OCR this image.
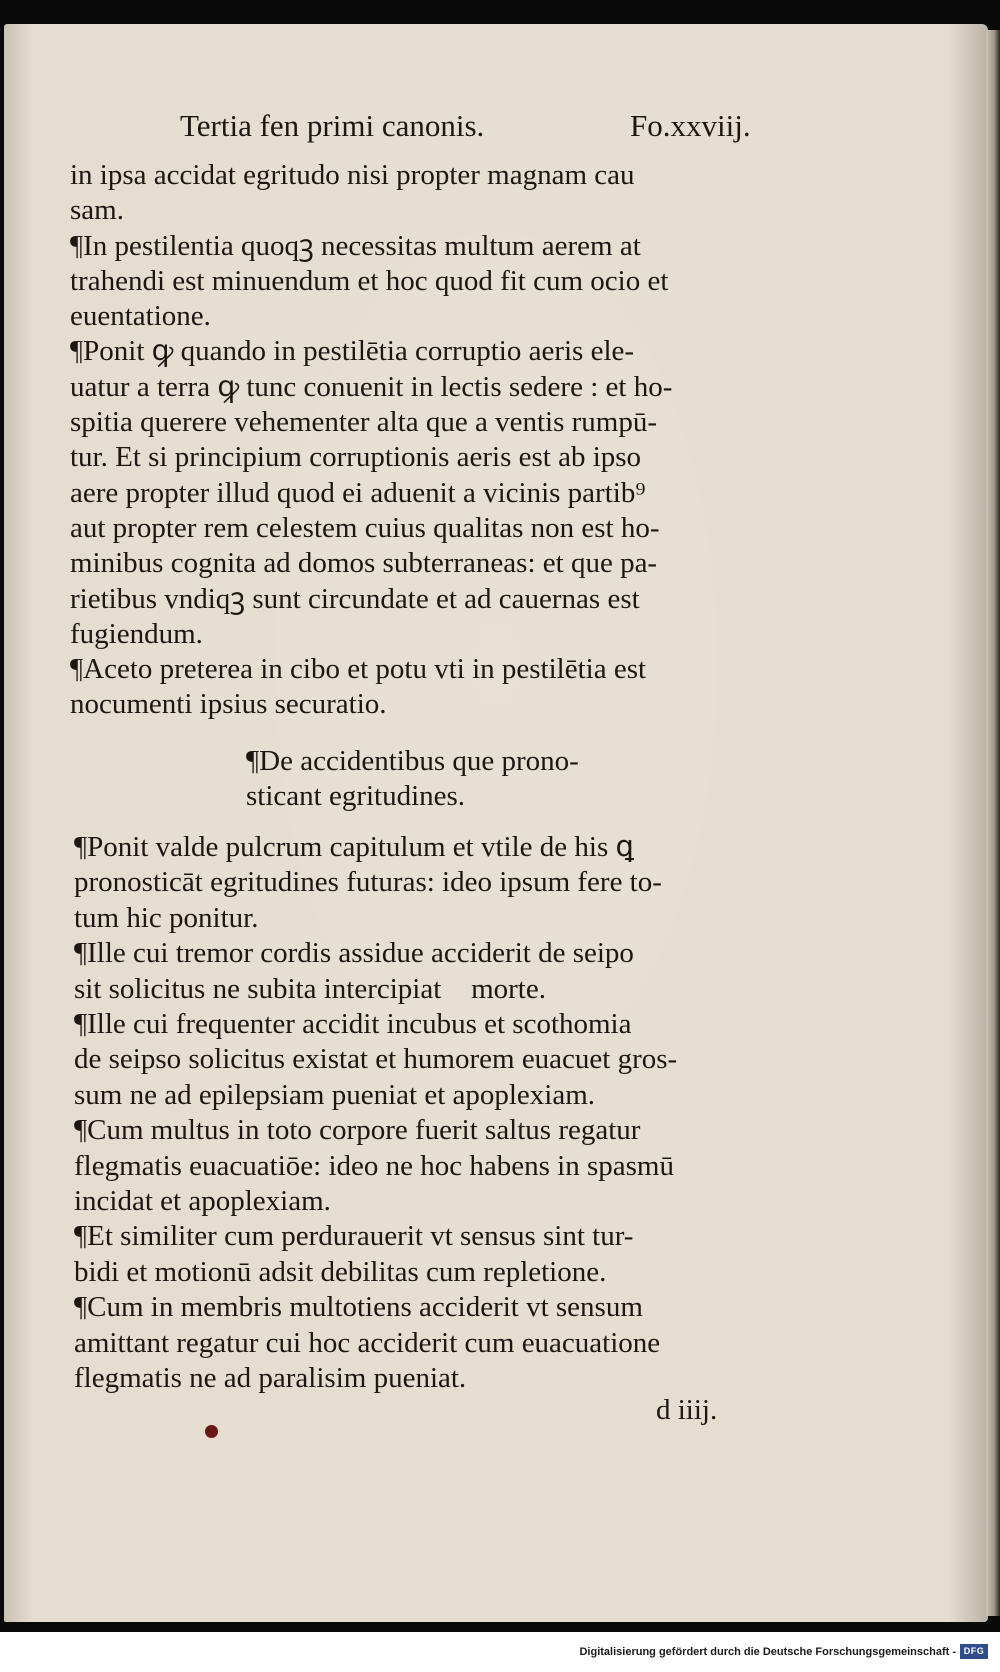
Tertia fen primi canonis.	Fo.xxviij.
in ipsa accidat egritudo nisi propter magnam cau
sam.
¶In pestilentia quoqꝫ necessitas multum aerem at
trahendi est minuendum et hoc quod fit cum ocio et
euentatione.
¶Ponit ꝙ quando in pestilētia corruptio aeris ele-
uatur a terra ꝙ tunc conuenit in lectis sedere : et ho-
spitia querere vehementer alta que a ventis rumpū-
tur. Et si principium corruptionis aeris est ab ipso
aere propter illud quod ei aduenit a vicinis partib⁹
aut propter rem celestem cuius qualitas non est ho-
minibus cognita ad domos subterraneas: et que pa-
rietibus vndiqꝫ sunt circundate et ad cauernas est
fugiendum.
¶Aceto preterea in cibo et potu vti in pestilētia est
nocumenti ipsius securatio.
¶De accidentibus que prono-
sticant egritudines.
¶Ponit valde pulcrum capitulum et vtile de his ꝗ
pronosticāt egritudines futuras: ideo ipsum fere to-
tum hic ponitur.
¶Ille cui tremor cordis assidue acciderit de seipo
sit solicitus ne subita intercipiat᷑ morte.
¶Ille cui frequenter accidit incubus et scothomia
de seipso solicitus existat et humorem euacuet gros-
sum ne ad epilepsiam pueniat et apoplexiam.
¶Cum multus in toto corpore fuerit saltus regatur
flegmatis euacuatiōe: ideo ne hoc habens in spasmū
incidat et apoplexiam.
¶Et similiter cum perdurauerit vt sensus sint tur-
bidi et motionū adsit debilitas cum repletione.
¶Cum in membris multotiens acciderit vt sensum
amittant regatur cui hoc acciderit cum euacuatione
flegmatis ne ad paralisim pueniat.
d iiij.
Digitalisierung gefördert durch die Deutsche Forschungsgemeinschaft - DFG
